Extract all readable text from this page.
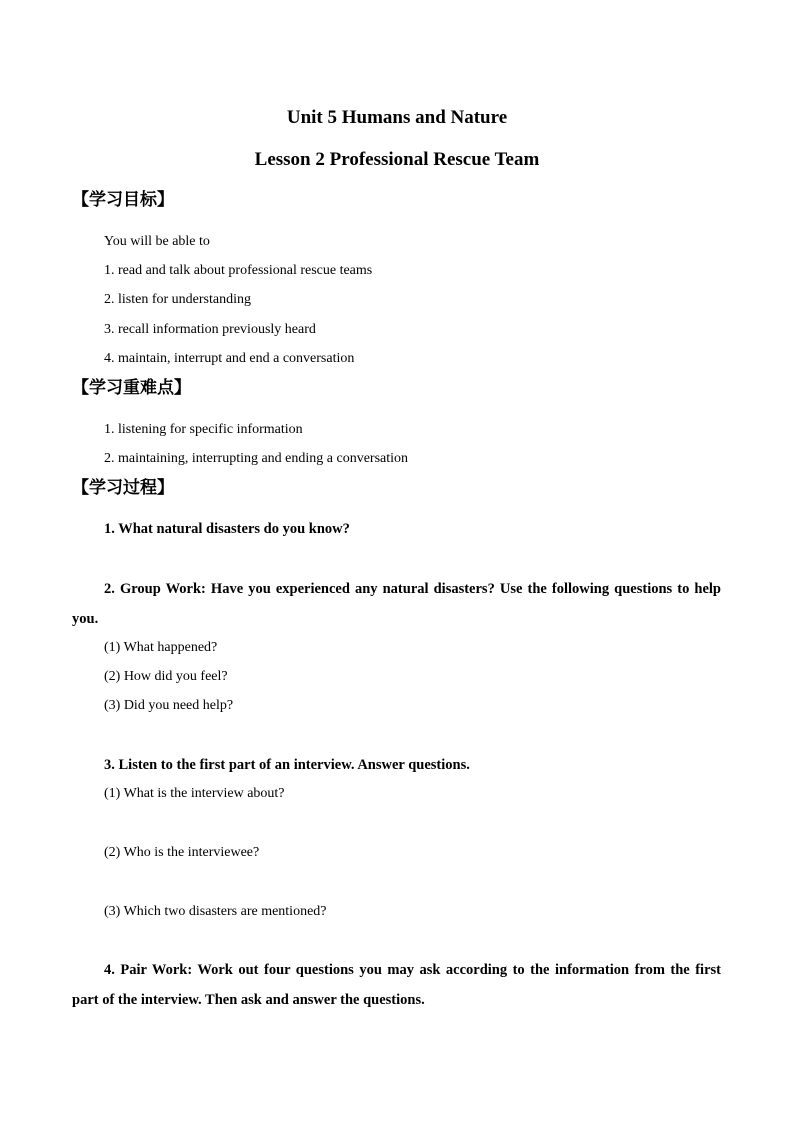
Unit 5 Humans and Nature
Lesson 2 Professional Rescue Team
【学习目标】
You will be able to
1. read and talk about professional rescue teams
2. listen for understanding
3. recall information previously heard
4. maintain, interrupt and end a conversation
【学习重难点】
1. listening for specific information
2. maintaining, interrupting and ending a conversation
【学习过程】
1. What natural disasters do you know?
2. Group Work: Have you experienced any natural disasters? Use the following questions to help you.
(1) What happened?
(2) How did you feel?
(3) Did you need help?
3. Listen to the first part of an interview. Answer questions.
(1) What is the interview about?
(2) Who is the interviewee?
(3) Which two disasters are mentioned?
4. Pair Work: Work out four questions you may ask according to the information from the first part of the interview. Then ask and answer the questions.
